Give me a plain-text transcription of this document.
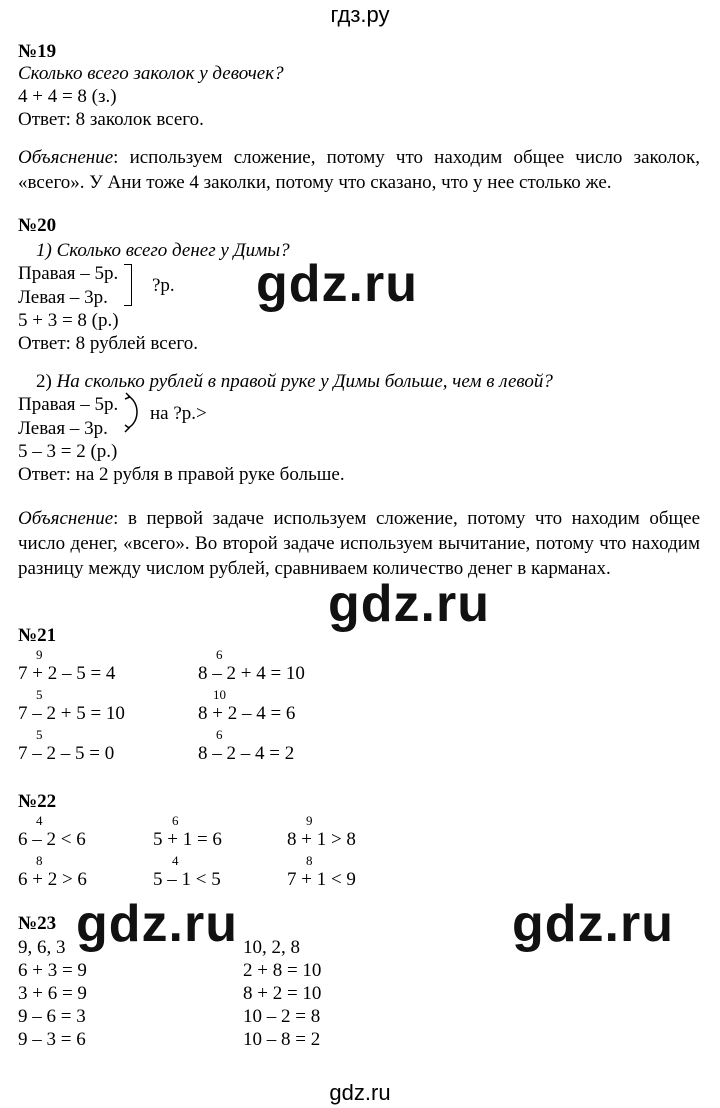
гдз.ру
№19
Сколько всего заколок у девочек?
4 + 4 = 8 (з.)
Ответ: 8 заколок всего.
Объяснение: используем сложение, потому что находим общее число заколок, «всего». У Ани тоже 4 заколки, потому что сказано, что у нее столько же.
№20
1) Сколько всего денег у Димы?
Правая – 5р.
Левая – 3р.
?р.
5 + 3 = 8 (р.)
Ответ: 8 рублей всего.
2) На сколько рублей в правой руке у Димы больше, чем в левой?
Правая – 5р.
Левая – 3р.
на ?р.>
5 – 3 = 2 (р.)
Ответ: на 2 рубля в правой руке больше.
Объяснение: в первой задаче используем сложение, потому что находим общее число денег, «всего». Во второй задаче используем вычитание, потому что находим разницу между числом рублей, сравниваем количество денег в карманах.
№21
9	6
7 + 2 – 5 = 4	8 – 2 + 4 = 10
5	10
7 – 2 + 5 = 10	8 + 2 – 4 = 6
5	6
7 – 2 – 5 = 0	8 – 2 – 4 = 2
№22
4	6	9
6 – 2 < 6	5 + 1 = 6	8 + 1 > 8
8	4	8
6 + 2 > 6	5 – 1 < 5	7 + 1 < 9
№23
9, 6, 3
6 + 3 = 9
3 + 6 = 9
9 – 6 = 3
9 – 3 = 6
10, 2, 8
2 + 8 = 10
8 + 2 = 10
10 – 2 = 8
10 – 8 = 2
gdz.ru
gdz.ru
gdz.ru	gdz.ru
gdz.ru
